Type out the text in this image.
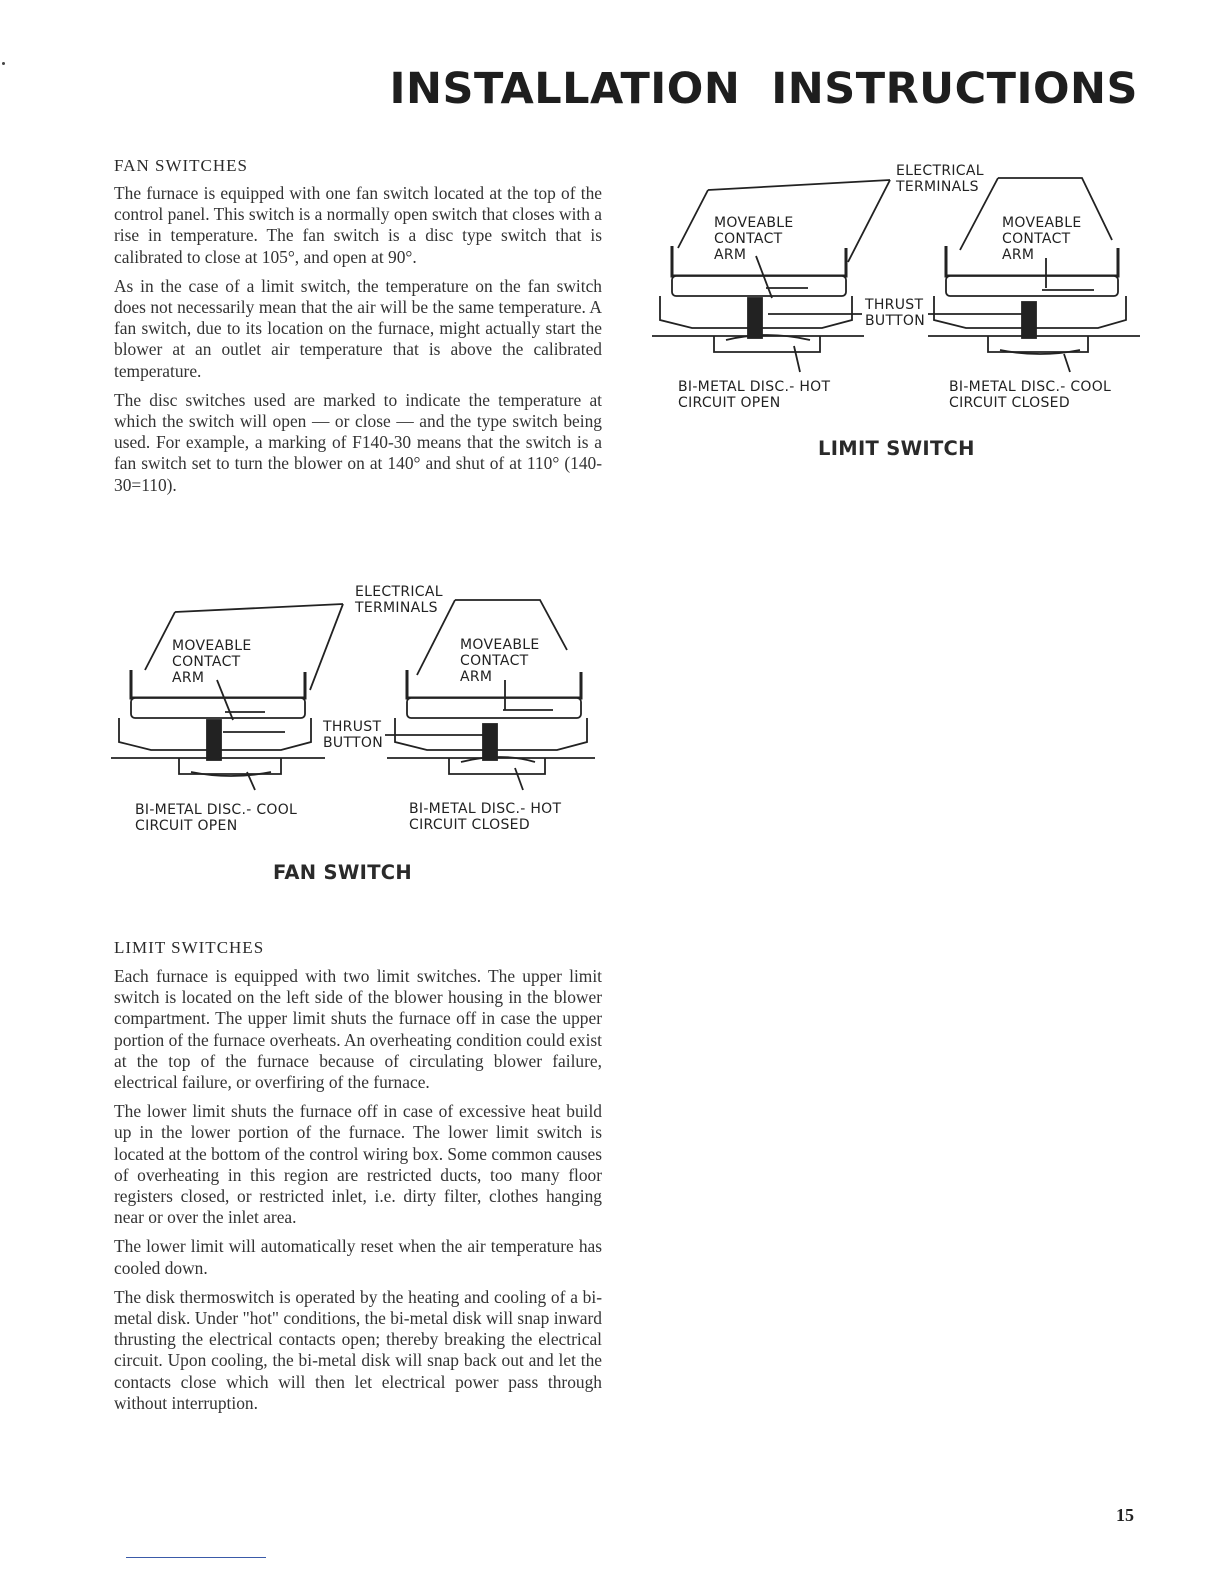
INSTALLATION  INSTRUCTIONS
FAN SWITCHES

The furnace is equipped with one fan switch located at the top of the control panel. This switch is a normally open switch that closes with a rise in temperature. The fan switch is a disc type switch that is calibrated to close at 105°, and open at 90°.

As in the case of a limit switch, the temperature on the fan switch does not necessarily mean that the air will be the same temperature. A fan switch, due to its location on the furnace, might actually start the blower at an outlet air temperature that is above the calibrated temperature.

The disc switches used are marked to indicate the temperature at which the switch will open — or close — and the type switch being used. For example, a marking of F140-30 means that the switch is a fan switch set to turn the blower on at 140° and shut of at 110° (140-30=110).

ELECTRICAL
TERMINALS
MOVEABLE
CONTACT
ARM
MOVEABLE
CONTACT
ARM
THRUST
BUTTON
BI-METAL DISC.- COOL
CIRCUIT OPEN
BI-METAL DISC.- HOT
CIRCUIT CLOSED
FAN SWITCH
LIMIT SWITCHES

Each furnace is equipped with two limit switches. The upper limit switch is located on the left side of the blower housing in the blower compartment. The upper limit shuts the furnace off in case the upper portion of the furnace overheats. An overheating condition could exist at the top of the furnace because of circulating blower failure, electrical failure, or overfiring of the furnace.

The lower limit shuts the furnace off in case of excessive heat build up in the lower portion of the furnace. The lower limit switch is located at the bottom of the control wiring box. Some common causes of overheating in this region are restricted ducts, too many floor registers closed, or restricted inlet, i.e. dirty filter, clothes hanging near or over the inlet area.

The lower limit will automatically reset when the air temperature has cooled down.

The disk thermoswitch is operated by the heating and cooling of a bi-metal disk. Under "hot" conditions, the bi-metal disk will snap inward thrusting the electrical contacts open; thereby breaking the electrical circuit. Upon cooling, the bi-metal disk will snap back out and let the contacts close which will then let electrical power pass through without interruption.

ELECTRICAL
TERMINALS
MOVEABLE
CONTACT
ARM
MOVEABLE
CONTACT
ARM
THRUST
BUTTON
BI-METAL DISC.- HOT
CIRCUIT OPEN
BI-METAL DISC.- COOL
CIRCUIT CLOSED
LIMIT SWITCH
15
